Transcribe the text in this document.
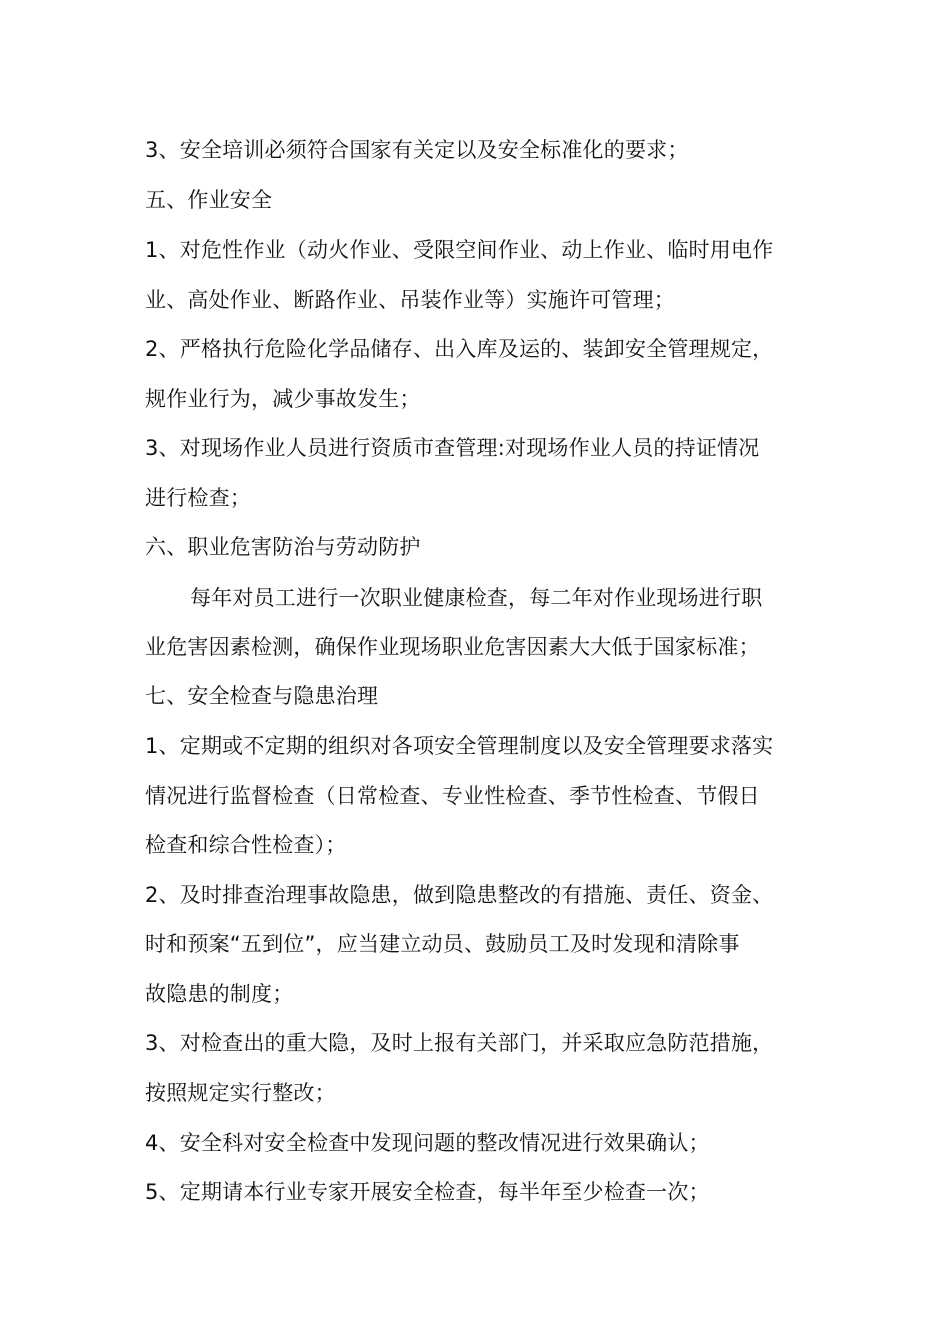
3、安全培训必须符合国家有关定以及安全标准化的要求；
五、作业安全
1、对危性作业（动火作业、受限空间作业、动上作业、临时用电作
业、高处作业、断路作业、吊装作业等）实施许可管理；
2、严格执行危险化学品储存、出入库及运的、装卸安全管理规定，
规作业行为，减少事故发生；
3、对现场作业人员进行资质市查管理:对现场作业人员的持证情况
进行检查；
六、职业危害防治与劳动防护
每年对员工进行一次职业健康检查，每二年对作业现场进行职
业危害因素检测，确保作业现场职业危害因素大大低于国家标准；
七、安全检查与隐患治理
1、定期或不定期的组织对各项安全管理制度以及安全管理要求落实
情况进行监督检查（日常检查、专业性检查、季节性检查、节假日
检查和综合性检查）；
2、及时排查治理事故隐患，做到隐患整改的有措施、责任、资金、
时和预案“五到位”，应当建立动员、鼓励员工及时发现和清除事
故隐患的制度；
3、对检查出的重大隐，及时上报有关部门，并采取应急防范措施，
按照规定实行整改；
4、安全科对安全检查中发现问题的整改情况进行效果确认；
5、定期请本行业专家开展安全检查，每半年至少检查一次；
